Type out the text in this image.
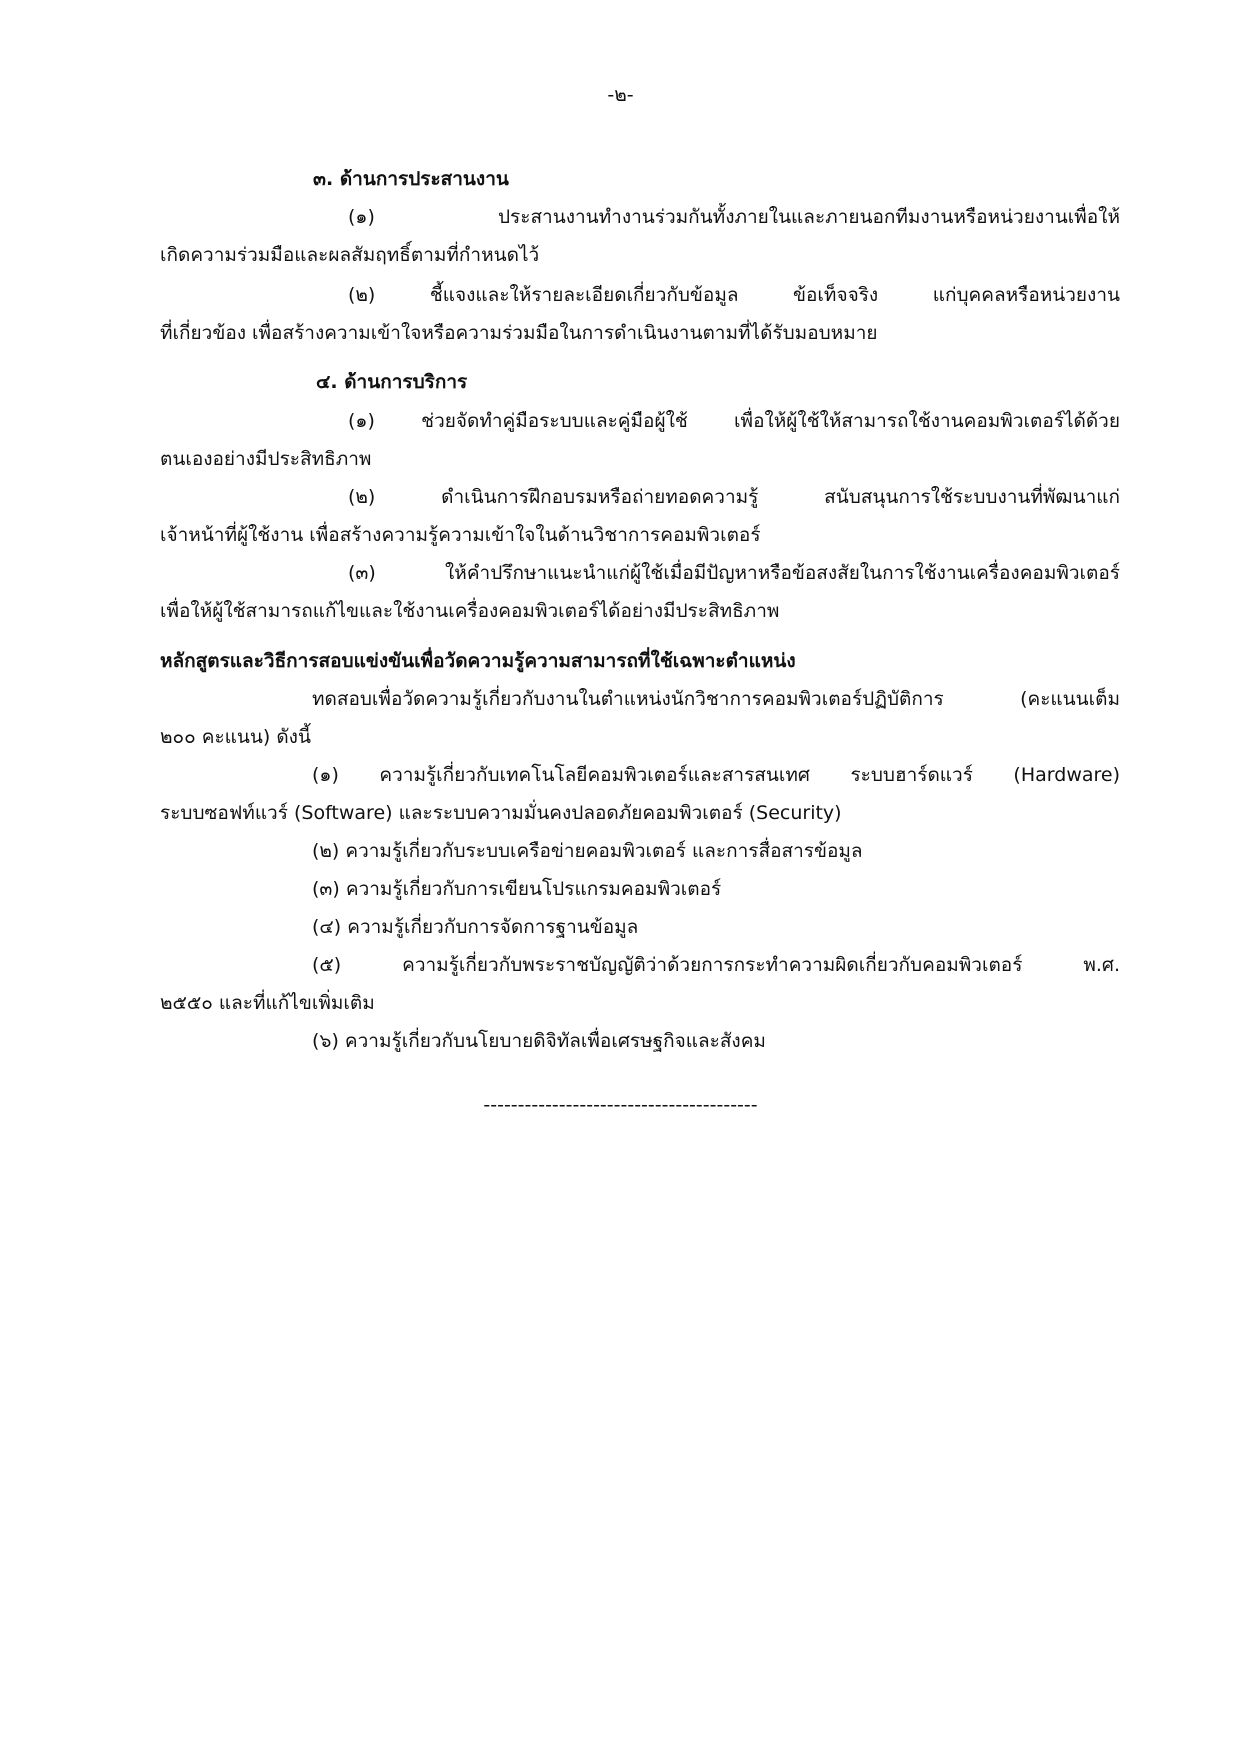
-๒-

๓. ด้านการประสานงาน

(๑) ประสานงานทำงานร่วมกันทั้งภายในและภายนอกทีมงานหรือหน่วยงานเพื่อให้

เกิดความร่วมมือและผลสัมฤทธิ์ตามที่กำหนดไว้

(๒) ชี้แจงและให้รายละเอียดเกี่ยวกับข้อมูล ข้อเท็จจริง แก่บุคคลหรือหน่วยงาน

ที่เกี่ยวข้อง เพื่อสร้างความเข้าใจหรือความร่วมมือในการดำเนินงานตามที่ได้รับมอบหมาย

๔. ด้านการบริการ

(๑) ช่วยจัดทำคู่มือระบบและคู่มือผู้ใช้ เพื่อให้ผู้ใช้ให้สามารถใช้งานคอมพิวเตอร์ได้ด้วย

ตนเองอย่างมีประสิทธิภาพ

(๒) ดำเนินการฝึกอบรมหรือถ่ายทอดความรู้ สนับสนุนการใช้ระบบงานที่พัฒนาแก่

เจ้าหน้าที่ผู้ใช้งาน เพื่อสร้างความรู้ความเข้าใจในด้านวิชาการคอมพิวเตอร์

(๓) ให้คำปรึกษาแนะนำแก่ผู้ใช้เมื่อมีปัญหาหรือข้อสงสัยในการใช้งานเครื่องคอมพิวเตอร์

เพื่อให้ผู้ใช้สามารถแก้ไขและใช้งานเครื่องคอมพิวเตอร์ได้อย่างมีประสิทธิภาพ

หลักสูตรและวิธีการสอบแข่งขันเพื่อวัดความรู้ความสามารถที่ใช้เฉพาะตำแหน่ง

ทดสอบเพื่อวัดความรู้เกี่ยวกับงานในตำแหน่งนักวิชาการคอมพิวเตอร์ปฏิบัติการ (คะแนนเต็ม

๒๐๐ คะแนน) ดังนี้

(๑) ความรู้เกี่ยวกับเทคโนโลยีคอมพิวเตอร์และสารสนเทศ ระบบฮาร์ดแวร์ (Hardware)

ระบบซอฟท์แวร์ (Software) และระบบความมั่นคงปลอดภัยคอมพิวเตอร์ (Security)

(๒) ความรู้เกี่ยวกับระบบเครือข่ายคอมพิวเตอร์ และการสื่อสารข้อมูล

(๓) ความรู้เกี่ยวกับการเขียนโปรแกรมคอมพิวเตอร์

(๔) ความรู้เกี่ยวกับการจัดการฐานข้อมูล

(๕) ความรู้เกี่ยวกับพระราชบัญญัติว่าด้วยการกระทำความผิดเกี่ยวกับคอมพิวเตอร์ พ.ศ.

๒๕๕๐ และที่แก้ไขเพิ่มเติม

(๖) ความรู้เกี่ยวกับนโยบายดิจิทัลเพื่อเศรษฐกิจและสังคม

----------------------------------------
